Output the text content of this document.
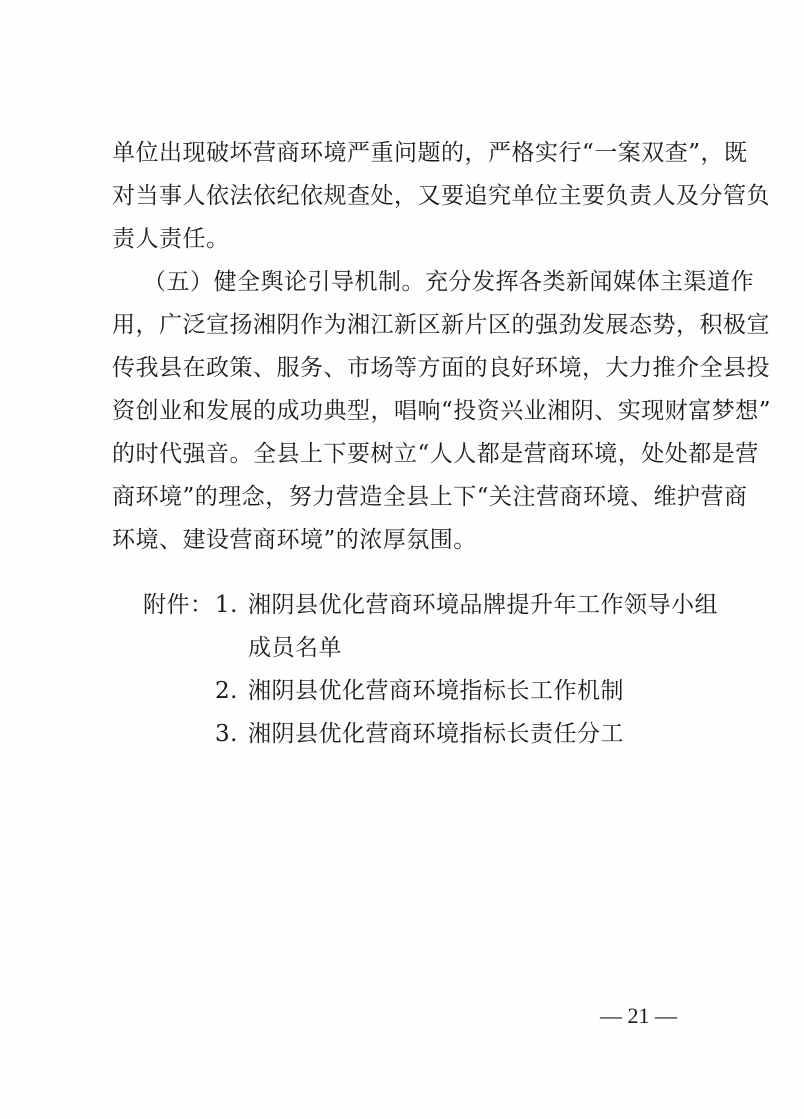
单位出现破坏营商环境严重问题的，严格实行“一案双查”，既
对当事人依法依纪依规查处，又要追究单位主要负责人及分管负
责人责任。
（五）健全舆论引导机制。充分发挥各类新闻媒体主渠道作
用，广泛宣扬湘阴作为湘江新区新片区的强劲发展态势，积极宣
传我县在政策、服务、市场等方面的良好环境，大力推介全县投
资创业和发展的成功典型，唱响“投资兴业湘阴、实现财富梦想”
的时代强音。全县上下要树立“人人都是营商环境，处处都是营
商环境”的理念，努力营造全县上下“关注营商环境、维护营商
环境、建设营商环境”的浓厚氛围。
附件： 1. 湘阴县优化营商环境品牌提升年工作领导小组
成员名单
2. 湘阴县优化营商环境指标长工作机制
3. 湘阴县优化营商环境指标长责任分工
— 21 —
